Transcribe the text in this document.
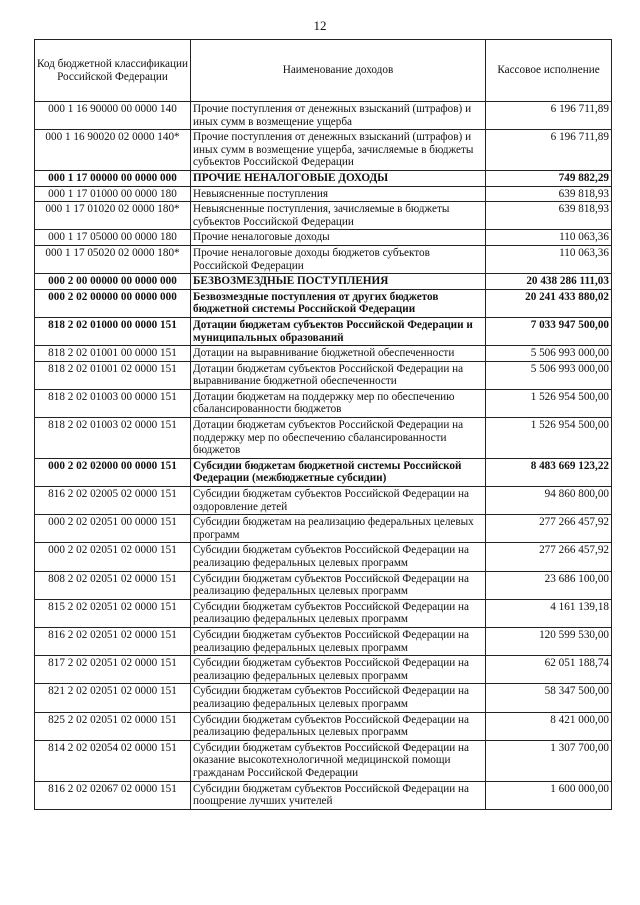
12
Код бюджетной классификации Российской Федерации	Наименование доходов	Кассовое исполнение
000 1 16 90000 00 0000 140	Прочие поступления от денежных взысканий (штрафов) и иных сумм в возмещение ущерба	6 196 711,89
000 1 16 90020 02 0000 140*	Прочие поступления от денежных взысканий (штрафов) и иных сумм в возмещение ущерба, зачисляемые в бюджеты субъектов Российской Федерации	6 196 711,89
000 1 17 00000 00 0000 000	ПРОЧИЕ НЕНАЛОГОВЫЕ ДОХОДЫ	749 882,29
000 1 17 01000 00 0000 180	Невыясненные поступления	639 818,93
000 1 17 01020 02 0000 180*	Невыясненные поступления, зачисляемые в бюджеты субъектов Российской Федерации	639 818,93
000 1 17 05000 00 0000 180	Прочие неналоговые доходы	110 063,36
000 1 17 05020 02 0000 180*	Прочие неналоговые доходы бюджетов субъектов Российской Федерации	110 063,36
000 2 00 00000 00 0000 000	БЕЗВОЗМЕЗДНЫЕ ПОСТУПЛЕНИЯ	20 438 286 111,03
000 2 02 00000 00 0000 000	Безвозмездные поступления от других бюджетов бюджетной системы Российской Федерации	20 241 433 880,02
818 2 02 01000 00 0000 151	Дотации бюджетам субъектов Российской Федерации и муниципальных образований	7 033 947 500,00
818 2 02 01001 00 0000 151	Дотации на выравнивание бюджетной обеспеченности	5 506 993 000,00
818 2 02 01001 02 0000 151	Дотации бюджетам субъектов Российской Федерации на выравнивание бюджетной обеспеченности	5 506 993 000,00
818 2 02 01003 00 0000 151	Дотации бюджетам на поддержку мер по обеспечению сбалансированности бюджетов	1 526 954 500,00
818 2 02 01003 02 0000 151	Дотации бюджетам субъектов Российской Федерации на поддержку мер по обеспечению сбалансированности бюджетов	1 526 954 500,00
000 2 02 02000 00 0000 151	Субсидии бюджетам бюджетной системы Российской Федерации (межбюджетные субсидии)	8 483 669 123,22
816 2 02 02005 02 0000 151	Субсидии бюджетам субъектов Российской Федерации на оздоровление детей	94 860 800,00
000 2 02 02051 00 0000 151	Субсидии бюджетам на реализацию федеральных целевых программ	277 266 457,92
000 2 02 02051 02 0000 151	Субсидии бюджетам субъектов Российской Федерации на реализацию федеральных целевых программ	277 266 457,92
808 2 02 02051 02 0000 151	Субсидии бюджетам субъектов Российской Федерации на реализацию федеральных целевых программ	23 686 100,00
815 2 02 02051 02 0000 151	Субсидии бюджетам субъектов Российской Федерации на реализацию федеральных целевых программ	4 161 139,18
816 2 02 02051 02 0000 151	Субсидии бюджетам субъектов Российской Федерации на реализацию федеральных целевых программ	120 599 530,00
817 2 02 02051 02 0000 151	Субсидии бюджетам субъектов Российской Федерации на реализацию федеральных целевых программ	62 051 188,74
821 2 02 02051 02 0000 151	Субсидии бюджетам субъектов Российской Федерации на реализацию федеральных целевых программ	58 347 500,00
825 2 02 02051 02 0000 151	Субсидии бюджетам субъектов Российской Федерации на реализацию федеральных целевых программ	8 421 000,00
814 2 02 02054 02 0000 151	Субсидии бюджетам субъектов Российской Федерации на оказание высокотехнологичной медицинской помощи гражданам Российской Федерации	1 307 700,00
816 2 02 02067 02 0000 151	Субсидии бюджетам субъектов Российской Федерации на поощрение лучших учителей	1 600 000,00
